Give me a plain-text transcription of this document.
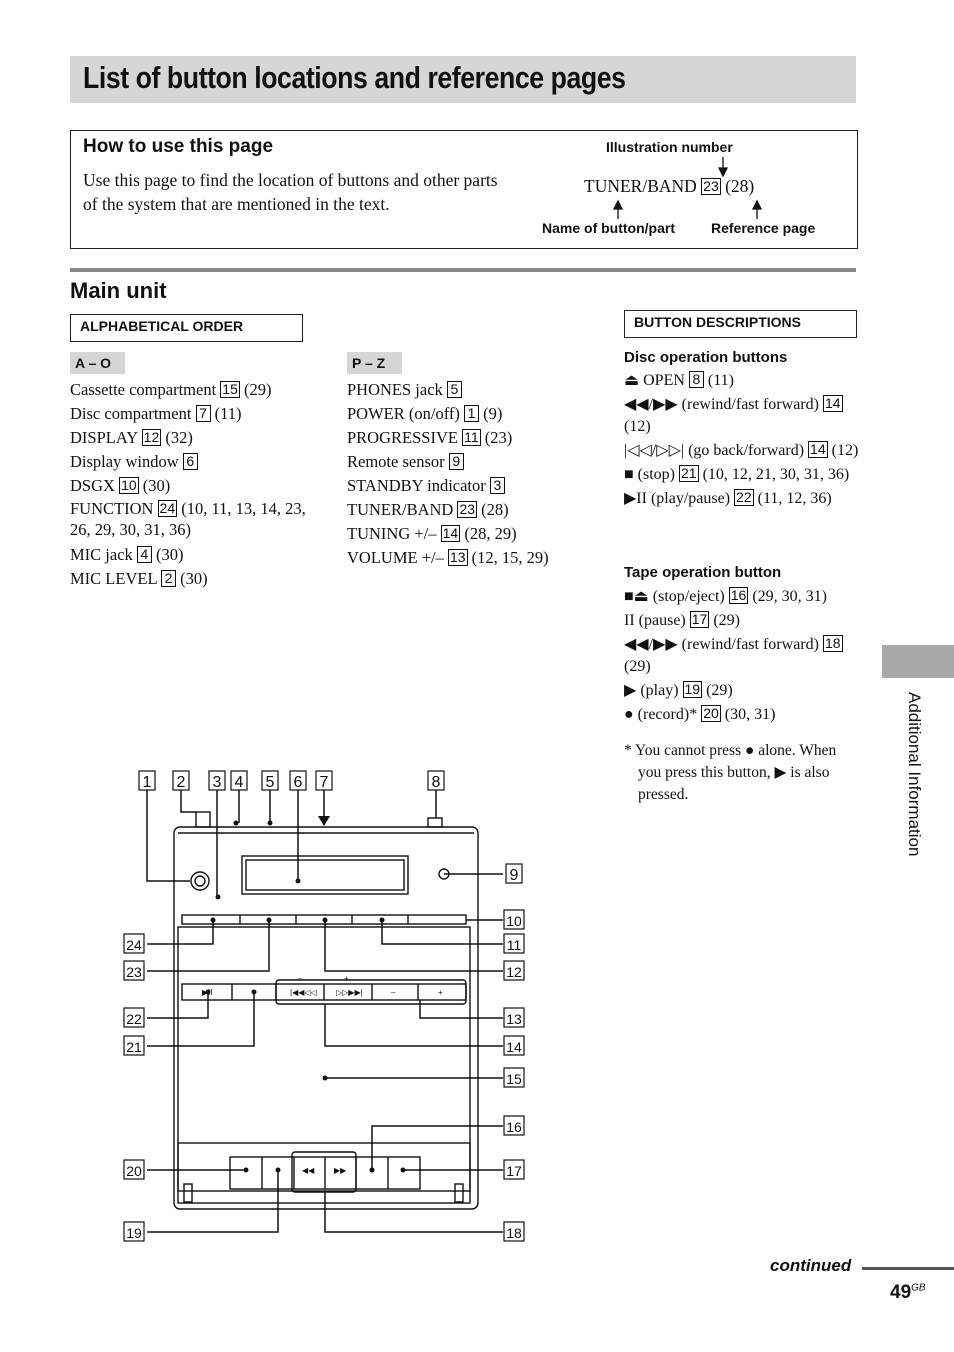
List of button locations and reference pages
How to use this page
Use this page to find the location of buttons and other parts of the system that are mentioned in the text.
Illustration number
TUNER/BAND 23 (28)
Name of button/part	Reference page
Main unit
ALPHABETICAL ORDER	BUTTON DESCRIPTIONS
A – O	P – Z
Cassette compartment 15 (29)
Disc compartment 7 (11)
DISPLAY 12 (32)
Display window 6
DSGX 10 (30)
FUNCTION 24 (10, 11, 13, 14, 23, 26, 29, 30, 31, 36)
MIC jack 4 (30)
MIC LEVEL 2 (30)
PHONES jack 5
POWER (on/off) 1 (9)
PROGRESSIVE 11 (23)
Remote sensor 9
STANDBY indicator 3
TUNER/BAND 23 (28)
TUNING +/– 14 (28, 29)
VOLUME +/– 13 (12, 15, 29)
Disc operation buttons
⏏ OPEN 8 (11)
◀◀/▶▶ (rewind/fast forward) 14 (12)
|◁◁/▷▷| (go back/forward) 14 (12)
■ (stop) 21 (10, 12, 21, 30, 31, 36)
▶II (play/pause) 22 (11, 12, 36)
Tape operation button
■⏏ (stop/eject) 16 (29, 30, 31)
II (pause) 17 (29)
◀◀/▶▶ (rewind/fast forward) 18 (29)
▶ (play) 19 (29)
● (record)* 20 (30, 31)
* You cannot press ● alone. When you press this button, ▶ is also pressed.	Additional Information
▶II	|◀◀◁◁ ▷▷▶▶|	–	+
–	+
◀◀ ▶▶
1 2 3 4 5 6 7	8
9
10
11
12
13
14
15
16
17
18
24
23
22
21
20
19
continued
$49^{GB}$
